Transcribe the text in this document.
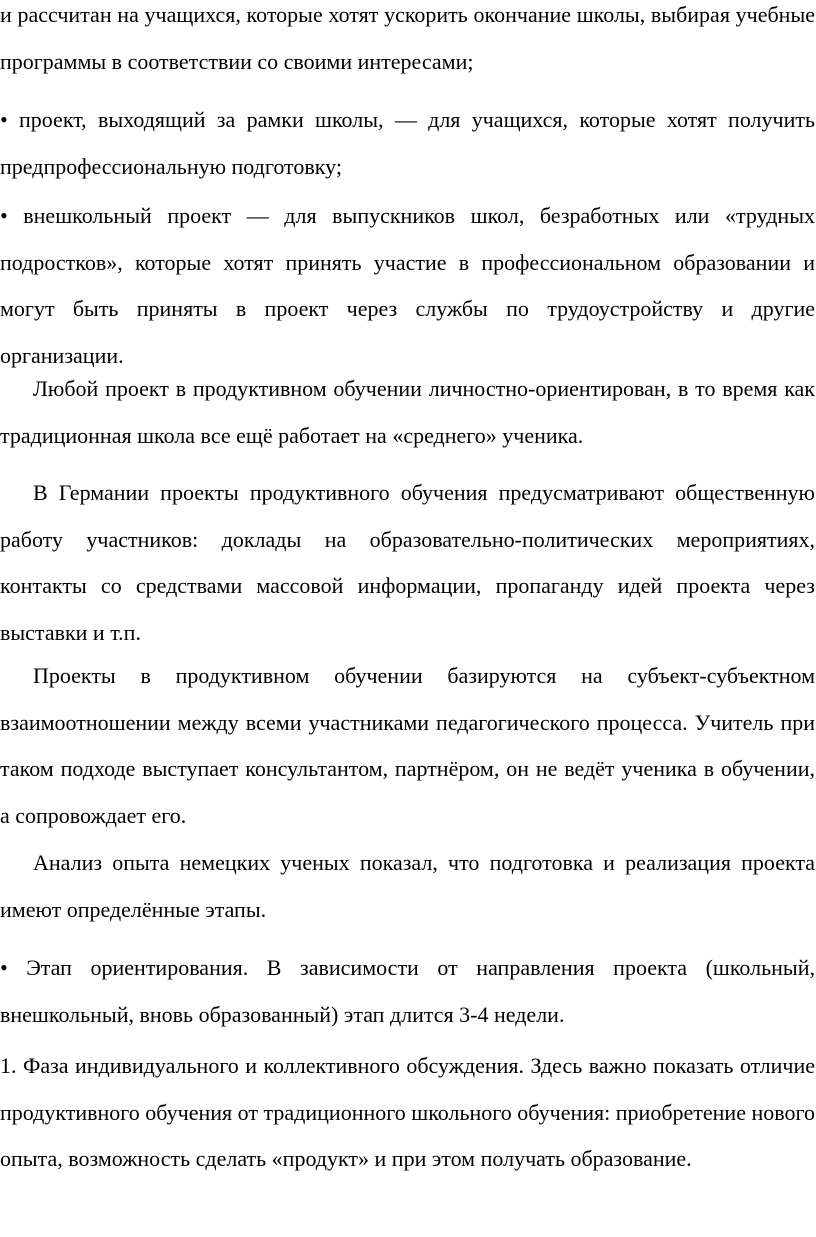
и рассчитан на учащихся, которые хотят ускорить окончание школы, выбирая учебные программы в соответствии со своими интересами;

• проект, выходящий за рамки школы, — для учащихся, которые хотят получить предпрофессиональную подготовку;

• внешкольный проект — для выпускников школ, безработных или «трудных подростков», которые хотят принять участие в профессиональном образовании и могут быть приняты в проект через службы по трудоустройству и другие организации.

Любой проект в продуктивном обучении личностно-ориентирован, в то время как традиционная школа все ещё работает на «среднего» ученика.

В Германии проекты продуктивного обучения предусматривают общественную работу участников: доклады на образовательно-политических мероприятиях, контакты со средствами массовой информации, пропаганду идей проекта через выставки и т.п.

Проекты в продуктивном обучении базируются на субъект-субъектном взаимоотношении между всеми участниками педагогического процесса. Учитель при таком подходе выступает консультантом, партнёром, он не ведёт ученика в обучении, а сопровождает его.

Анализ опыта немецких ученых показал, что подготовка и реализация проекта имеют определённые этапы.

• Этап ориентирования. В зависимости от направления проекта (школьный, внешкольный, вновь образованный) этап длится 3-4 недели.

1. Фаза индивидуального и коллективного обсуждения. Здесь важно показать отличие продуктивного обучения от традиционного школьного обучения: приобретение нового опыта, возможность сделать «продукт» и при этом получать образование.
